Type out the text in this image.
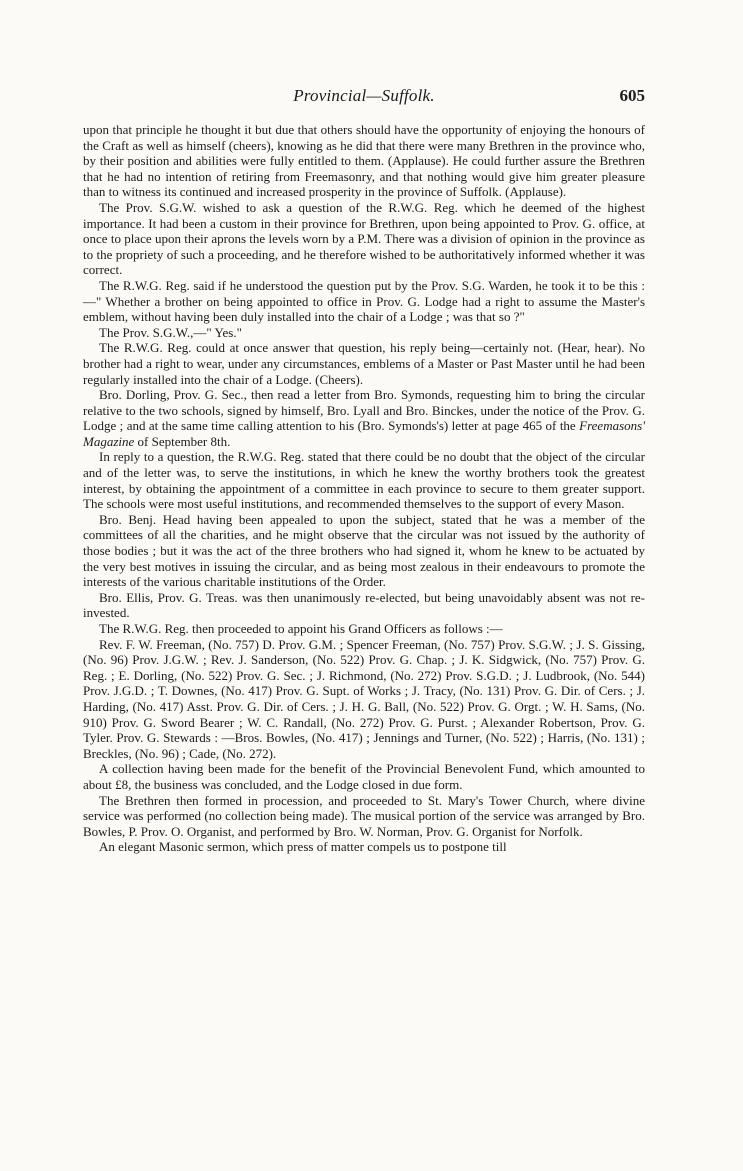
Provincial—Suffolk.	605

upon that principle he thought it but due that others should have the opportunity of enjoying the honours of the Craft as well as himself (cheers), knowing as he did that there were many Brethren in the province who, by their position and abilities were fully entitled to them. (Applause). He could further assure the Brethren that he had no intention of retiring from Freemasonry, and that nothing would give him greater pleasure than to witness its continued and increased prosperity in the province of Suffolk. (Applause).

The Prov. S.G.W. wished to ask a question of the R.W.G. Reg. which he deemed of the highest importance. It had been a custom in their province for Brethren, upon being appointed to Prov. G. office, at once to place upon their aprons the levels worn by a P.M. There was a division of opinion in the province as to the propriety of such a proceeding, and he therefore wished to be authoritatively informed whether it was correct.

The R.W.G. Reg. said if he understood the question put by the Prov. S.G. Warden, he took it to be this :—" Whether a brother on being appointed to office in Prov. G. Lodge had a right to assume the Master's emblem, without having been duly installed into the chair of a Lodge ; was that so ?"

The Prov. S.G.W.,—" Yes."

The R.W.G. Reg. could at once answer that question, his reply being—certainly not. (Hear, hear). No brother had a right to wear, under any circumstances, emblems of a Master or Past Master until he had been regularly installed into the chair of a Lodge. (Cheers).

Bro. Dorling, Prov. G. Sec., then read a letter from Bro. Symonds, requesting him to bring the circular relative to the two schools, signed by himself, Bro. Lyall and Bro. Binckes, under the notice of the Prov. G. Lodge ; and at the same time calling attention to his (Bro. Symonds's) letter at page 465 of the Freemasons' Magazine of September 8th.

In reply to a question, the R.W.G. Reg. stated that there could be no doubt that the object of the circular and of the letter was, to serve the institutions, in which he knew the worthy brothers took the greatest interest, by obtaining the appointment of a committee in each province to secure to them greater support. The schools were most useful institutions, and recommended themselves to the support of every Mason.

Bro. Benj. Head having been appealed to upon the subject, stated that he was a member of the committees of all the charities, and he might observe that the circular was not issued by the authority of those bodies ; but it was the act of the three brothers who had signed it, whom he knew to be actuated by the very best motives in issuing the circular, and as being most zealous in their endeavours to promote the interests of the various charitable institutions of the Order.

Bro. Ellis, Prov. G. Treas. was then unanimously re-elected, but being unavoidably absent was not re-invested.

The R.W.G. Reg. then proceeded to appoint his Grand Officers as follows :—

Rev. F. W. Freeman, (No. 757) D. Prov. G.M. ; Spencer Freeman, (No. 757) Prov. S.G.W. ; J. S. Gissing, (No. 96) Prov. J.G.W. ; Rev. J. Sanderson, (No. 522) Prov. G. Chap. ; J. K. Sidgwick, (No. 757) Prov. G. Reg. ; E. Dorling, (No. 522) Prov. G. Sec. ; J. Richmond, (No. 272) Prov. S.G.D. ; J. Ludbrook, (No. 544) Prov. J.G.D. ; T. Downes, (No. 417) Prov. G. Supt. of Works ; J. Tracy, (No. 131) Prov. G. Dir. of Cers. ; J. Harding, (No. 417) Asst. Prov. G. Dir. of Cers. ; J. H. G. Ball, (No. 522) Prov. G. Orgt. ; W. H. Sams, (No. 910) Prov. G. Sword Bearer ; W. C. Randall, (No. 272) Prov. G. Purst. ; Alexander Robertson, Prov. G. Tyler. Prov. G. Stewards : —Bros. Bowles, (No. 417) ; Jennings and Turner, (No. 522) ; Harris, (No. 131) ; Breckles, (No. 96) ; Cade, (No. 272).

A collection having been made for the benefit of the Provincial Benevolent Fund, which amounted to about £8, the business was concluded, and the Lodge closed in due form.

The Brethren then formed in procession, and proceeded to St. Mary's Tower Church, where divine service was performed (no collection being made). The musical portion of the service was arranged by Bro. Bowles, P. Prov. O. Organist, and performed by Bro. W. Norman, Prov. G. Organist for Norfolk.

An elegant Masonic sermon, which press of matter compels us to postpone till
